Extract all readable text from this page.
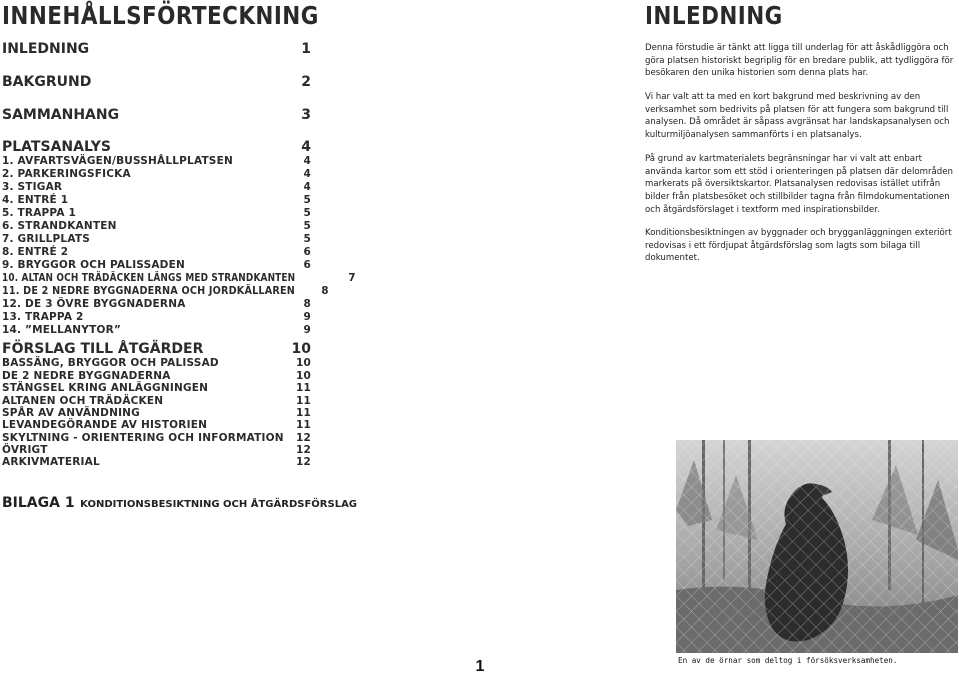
INNEHÅLLSFÖRTECKNING
INLEDNING	1
BAKGRUND	2
SAMMANHANG	3
PLATSANALYS	4
1. AVFARTSVÄGEN/BUSSHÅLLPLATSEN	4
2. PARKERINGSFICKA	4
3. STIGAR	4
4. ENTRÉ 1	5
5. TRAPPA 1	5
6. STRANDKANTEN	5
7. GRILLPLATS	5
8. ENTRÉ 2	6
9. BRYGGOR OCH PALISSADEN	6
10. ALTAN OCH TRÄDÄCKEN LÄNGS MED STRANDKANTEN	7
11. DE 2 NEDRE BYGGNADERNA OCH JORDKÄLLAREN 8
12. DE 3 ÖVRE BYGGNADERNA	8
13. TRAPPA 2	9
14. ”MELLANYTOR”	9
FÖRSLAG TILL ÅTGÄRDER	10
BASSÄNG, BRYGGOR OCH PALISSAD	10
DE 2 NEDRE BYGGNADERNA	10
STÄNGSEL KRING ANLÄGGNINGEN	11
ALTANEN OCH TRÄDÄCKEN	11
SPÅR AV ANVÄNDNING	11
LEVANDEGÖRANDE AV HISTORIEN	11
SKYLTNING - ORIENTERING OCH INFORMATION 12
ÖVRIGT	12
ARKIVMATERIAL	12
BILAGA 1 KONDITIONSBESIKTNING OCH ÅTGÄRDSFÖRSLAG
1
INLEDNING

Denna förstudie är tänkt att ligga till underlag för att åskådliggöra och göra platsen historiskt begriplig för en bredare publik, att tydliggöra för besökaren den unika historien som denna plats har.

Vi har valt att ta med en kort bakgrund med beskrivning av den verksamhet som bedrivits på platsen för att fungera som bakgrund till analysen. Då området är såpass avgränsat har landskapsanalysen och kulturmiljöanalysen sammanförts i en platsanalys.

På grund av kartmaterialets begränsningar har vi valt att enbart använda kartor som ett stöd i orienteringen på platsen där delområden markerats på översiktskartor. Platsanalysen redovisas istället utifrån bilder från platsbesöket och stillbilder tagna från filmdokumentationen och åtgärdsförslaget i textform med inspirationsbilder.

Konditionsbesiktningen av byggnader och brygganläggningen exteriört redovisas i ett fördjupat åtgärdsförslag som lagts som bilaga till dokumentet.

En av de örnar som deltog i försöksverksamheten.
